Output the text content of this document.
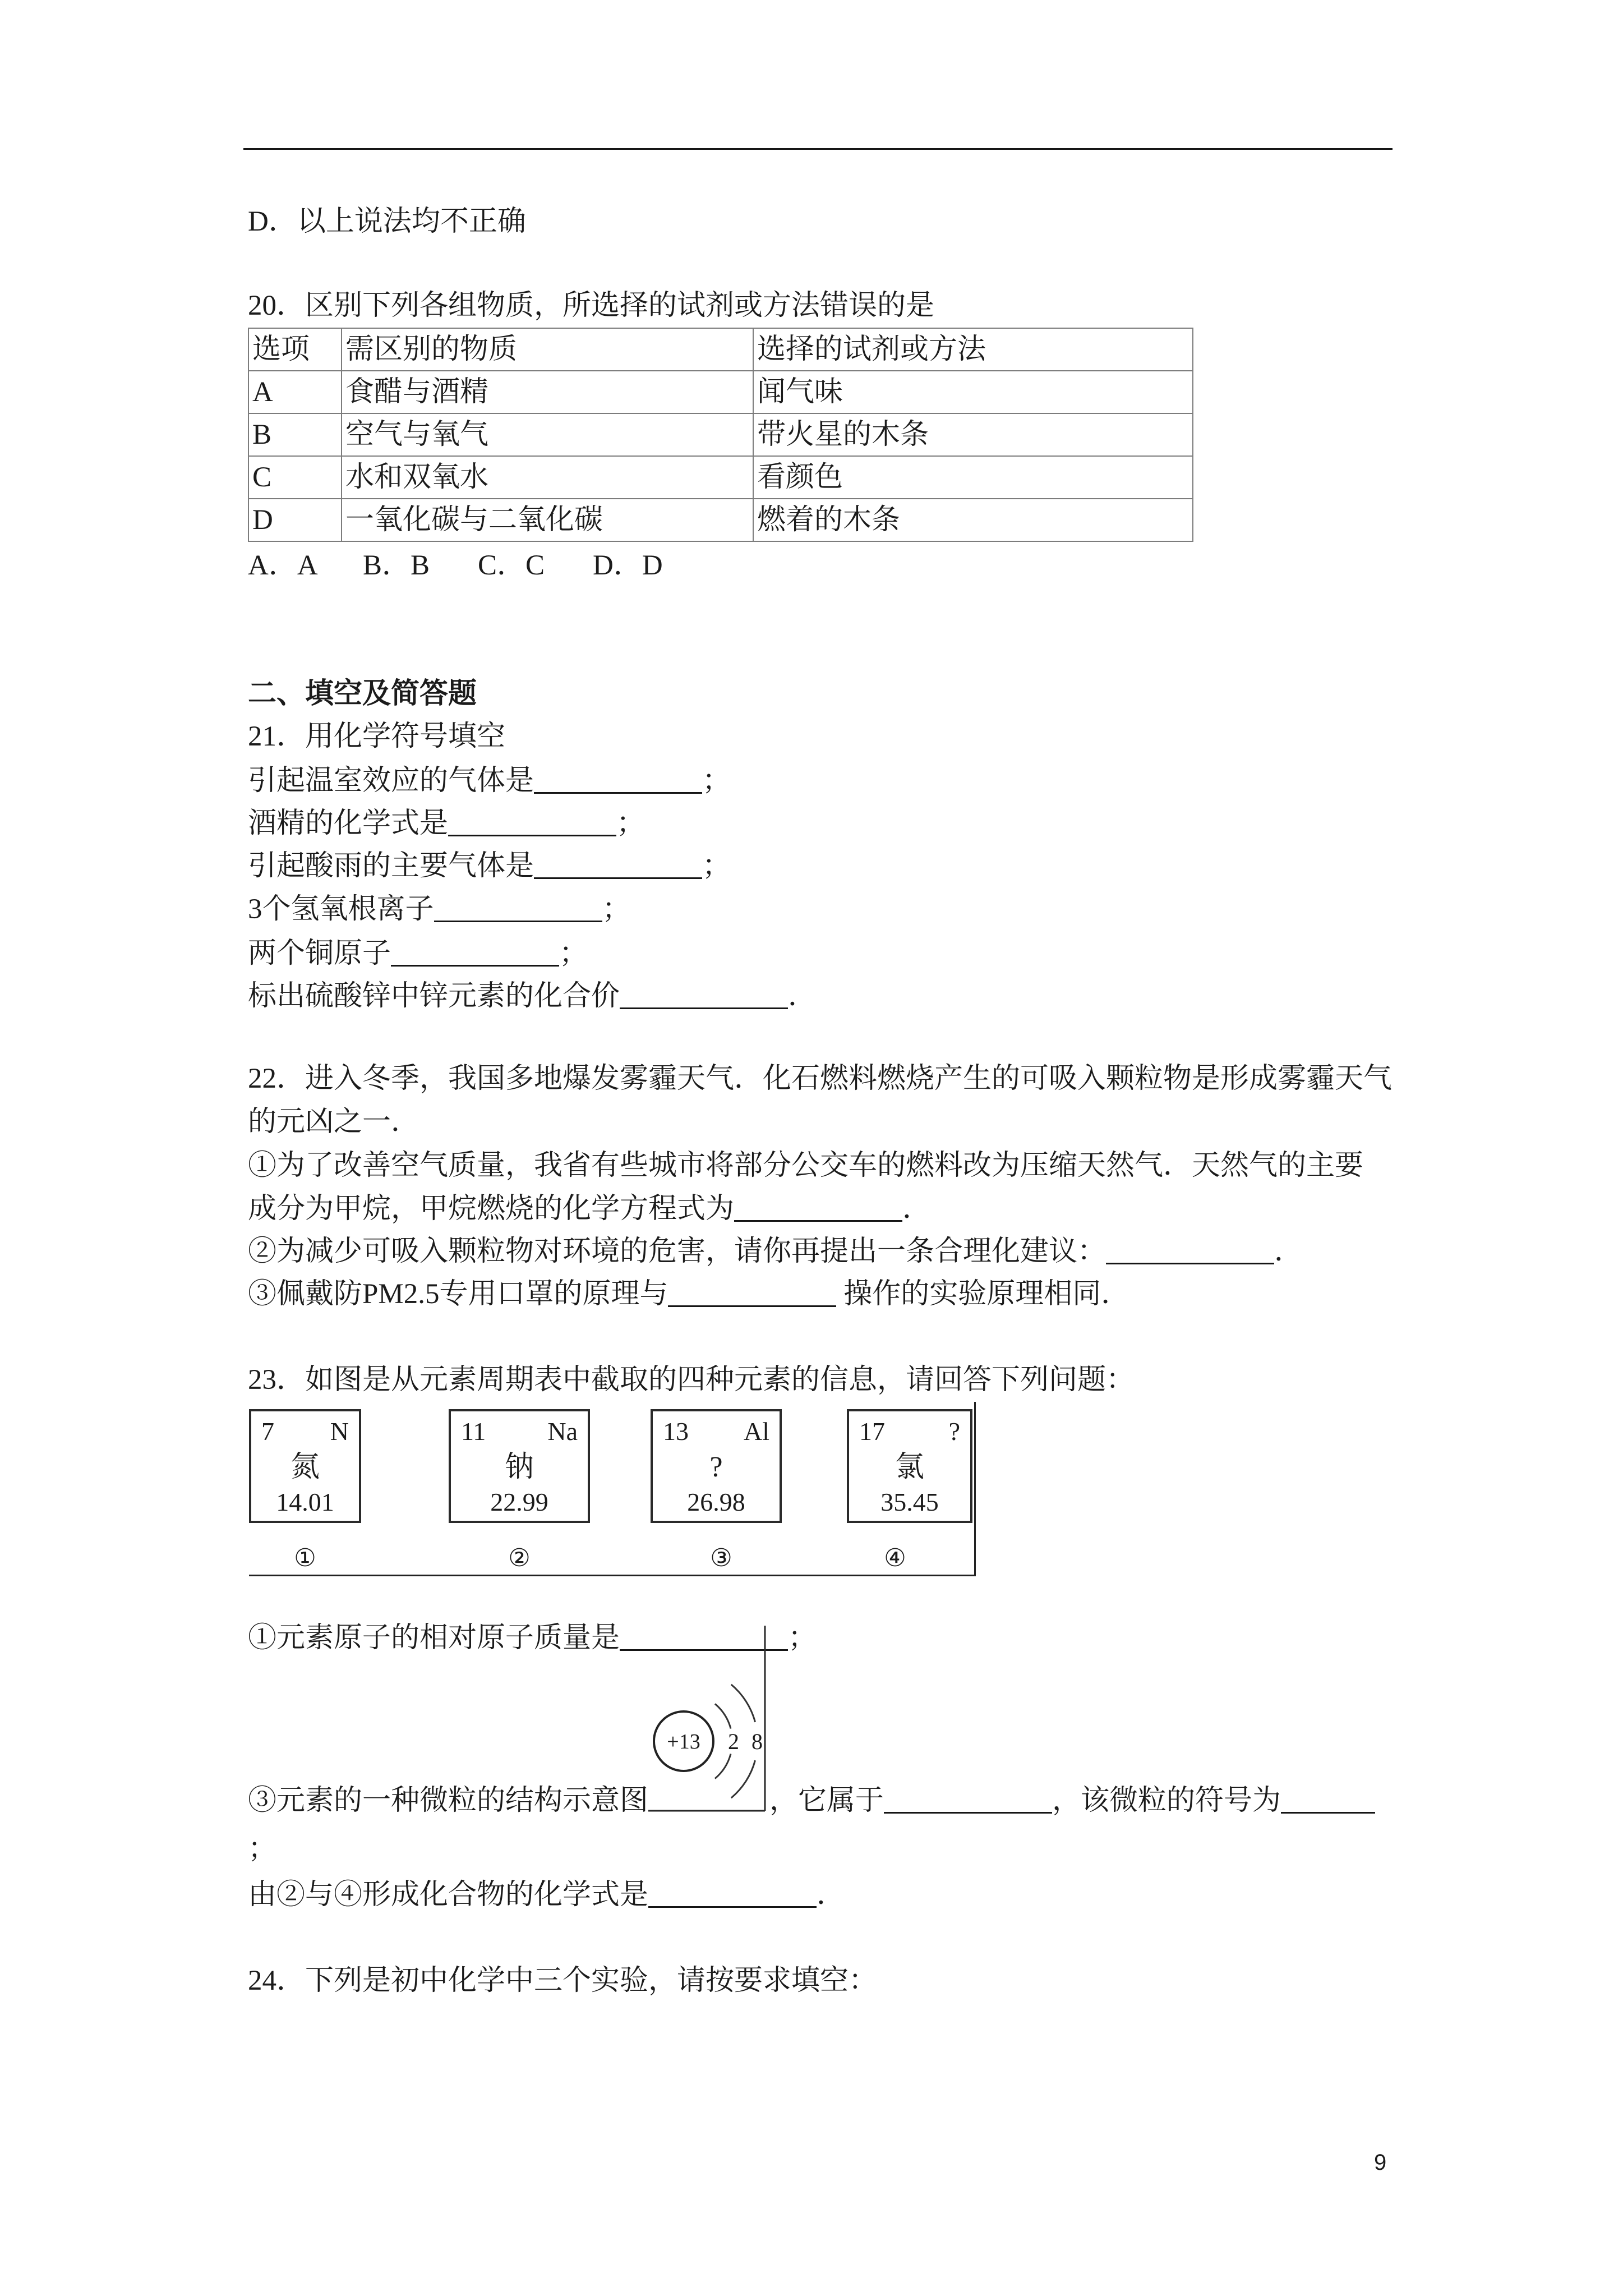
D．以上说法均不正确
20．区别下列各组物质，所选择的试剂或方法错误的是
选项	需区别的物质	选择的试剂或方法
A	食醋与酒精	闻气味
B	空气与氧气	带火星的木条
C	水和双氧水	看颜色
D	一氧化碳与二氧化碳	燃着的木条
A．A B．B C．C D．D
二、填空及简答题
21．用化学符号填空
引起温室效应的气体是	；
酒精的化学式是	；
引起酸雨的主要气体是	；
3个氢氧根离子	；
两个铜原子	；
标出硫酸锌中锌元素的化合价	．
22．进入冬季，我国多地爆发雾霾天气．化石燃料燃烧产生的可吸入颗粒物是形成雾霾天气
的元凶之一．
①为了改善空气质量，我省有些城市将部分公交车的燃料改为压缩天然气．天然气的主要
成分为甲烷，甲烷燃烧的化学方程式为	．
②为减少可吸入颗粒物对环境的危害，请你再提出一条合理化建议：	．
③佩戴防PM2.5专用口罩的原理与	操作的实验原理相同．
23．如图是从元素周期表中截取的四种元素的信息，请回答下列问题：
7 N
氮
14.01
11 Na
钠
22.99
13 Al
?
26.98
17 ?
氯
35.45
①	②	③	④
①元素原子的相对原子质量是	；
③元素的一种微粒的结构示意图
+13 2 8
，它属于	，该微粒的符号为
；
由②与④形成化合物的化学式是	．
24．下列是初中化学中三个实验，请按要求填空：
9
